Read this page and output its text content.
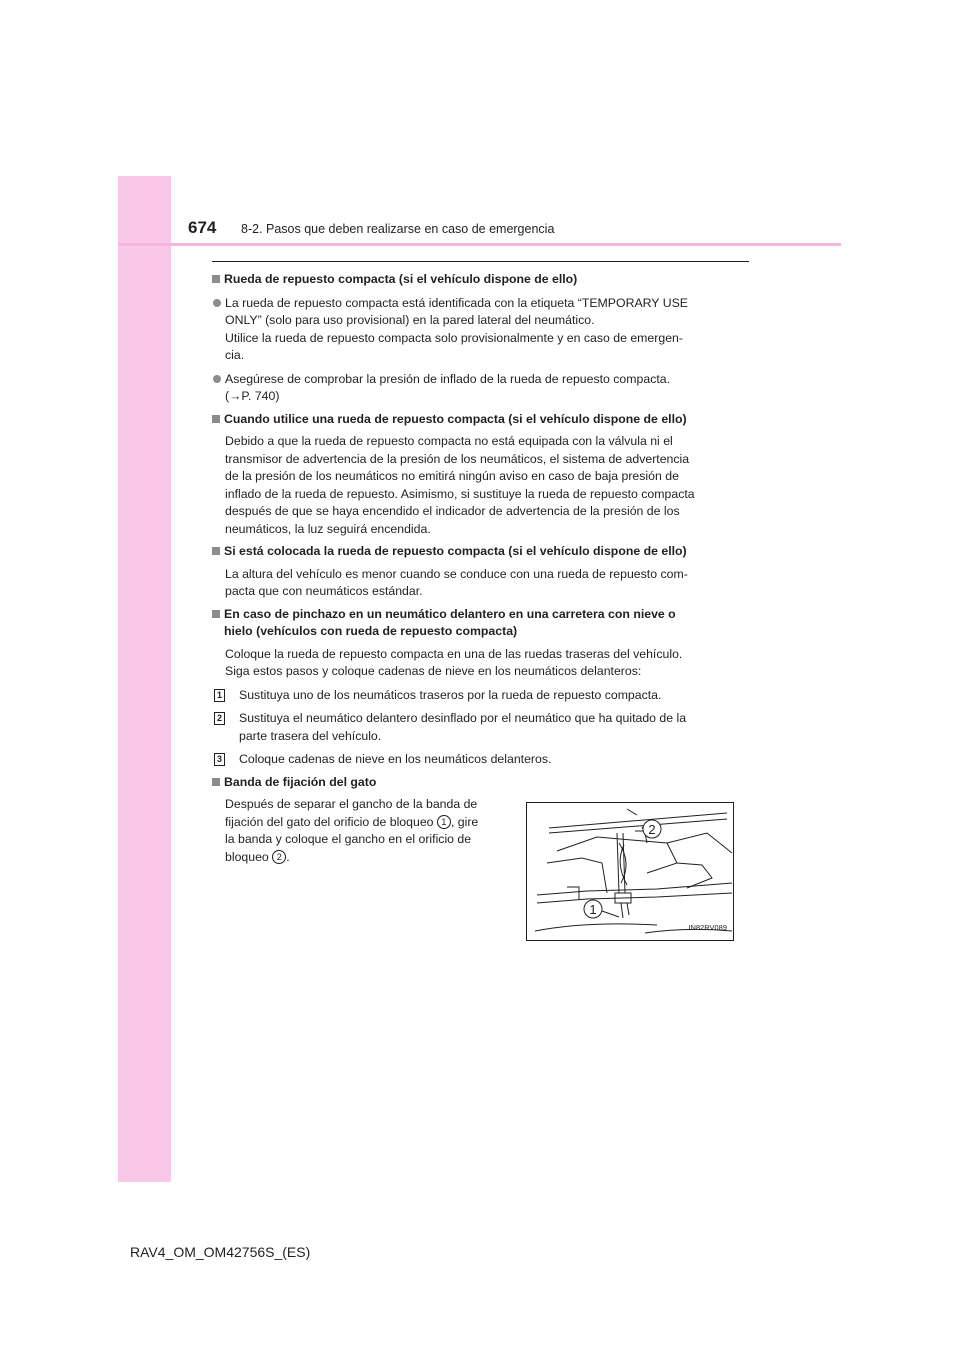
674 8-2. Pasos que deben realizarse en caso de emergencia
Rueda de repuesto compacta (si el vehículo dispone de ello)
La rueda de repuesto compacta está identificada con la etiqueta “TEMPORARY USE
ONLY” (solo para uso provisional) en la pared lateral del neumático.
Utilice la rueda de repuesto compacta solo provisionalmente y en caso de emergen-
cia.
Asegúrese de comprobar la presión de inflado de la rueda de repuesto compacta.
(→P. 740)
Cuando utilice una rueda de repuesto compacta (si el vehículo dispone de ello)
Debido a que la rueda de repuesto compacta no está equipada con la válvula ni el
transmisor de advertencia de la presión de los neumáticos, el sistema de advertencia
de la presión de los neumáticos no emitirá ningún aviso en caso de baja presión de
inflado de la rueda de repuesto. Asimismo, si sustituye la rueda de repuesto compacta
después de que se haya encendido el indicador de advertencia de la presión de los
neumáticos, la luz seguirá encendida.
Si está colocada la rueda de repuesto compacta (si el vehículo dispone de ello)
La altura del vehículo es menor cuando se conduce con una rueda de repuesto com-
pacta que con neumáticos estándar.
En caso de pinchazo en un neumático delantero en una carretera con nieve o
hielo (vehículos con rueda de repuesto compacta)
Coloque la rueda de repuesto compacta en una de las ruedas traseras del vehículo.
Siga estos pasos y coloque cadenas de nieve en los neumáticos delanteros:
1 Sustituya uno de los neumáticos traseros por la rueda de repuesto compacta.
2 Sustituya el neumático delantero desinflado por el neumático que ha quitado de la
parte trasera del vehículo.
3 Coloque cadenas de nieve en los neumáticos delanteros.
Banda de fijación del gato
Después de separar el gancho de la banda de
fijación del gato del orificio de bloqueo 1 , gire
la banda y coloque el gancho en el orificio de
bloqueo 2 .
2
1
IN82RV089
RAV4_OM_OM42756S_(ES)
